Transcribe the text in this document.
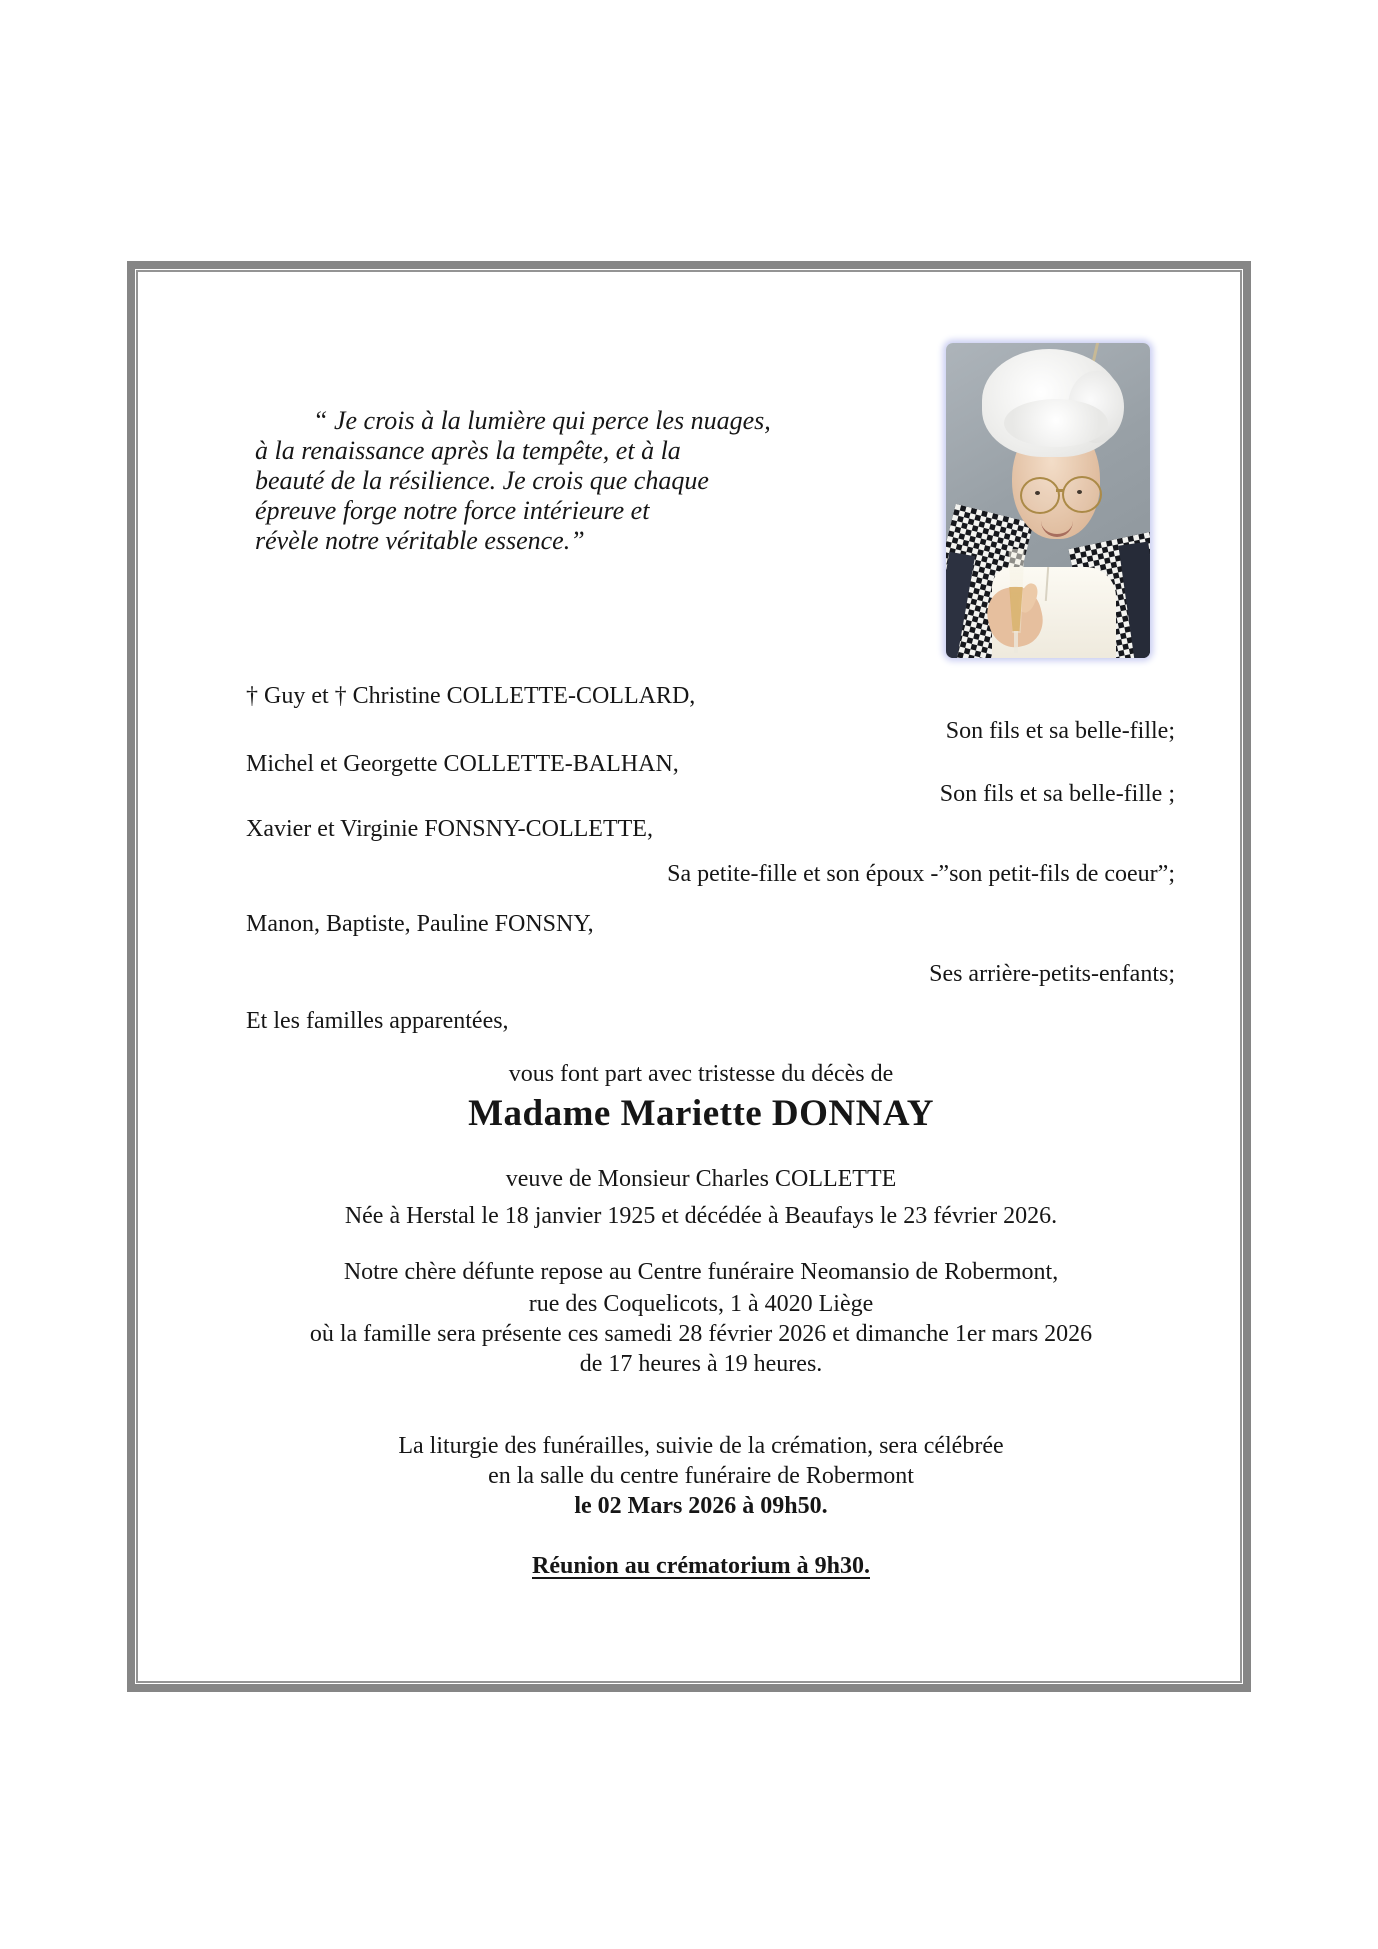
“ Je crois à la lumière qui perce les nuages,
à la renaissance après la tempête, et à la
beauté de la résilience. Je crois que chaque
épreuve forge notre force intérieure et
révèle notre véritable essence.”
† Guy et † Christine COLLETTE-COLLARD,
Son fils et sa belle-fille;
Michel et Georgette COLLETTE-BALHAN,
Son fils et sa belle-fille ;
Xavier et Virginie FONSNY-COLLETTE,
Sa petite-fille et son époux -”son petit-fils de coeur”;
Manon, Baptiste, Pauline FONSNY,
Ses arrière-petits-enfants;
Et les familles apparentées,
vous font part avec tristesse du décès de
Madame Mariette DONNAY
veuve de Monsieur Charles COLLETTE
Née à Herstal le 18 janvier 1925 et décédée à Beaufays le 23 février 2026.
Notre chère défunte repose au Centre funéraire Neomansio de Robermont,
rue des Coquelicots, 1 à 4020 Liège
où la famille sera présente ces samedi 28 février 2026 et dimanche 1er mars 2026
de 17 heures à 19 heures.
La liturgie des funérailles, suivie de la crémation, sera célébrée
en la salle du centre funéraire de Robermont
le 02 Mars 2026 à 09h50.
Réunion au crématorium à 9h30.
